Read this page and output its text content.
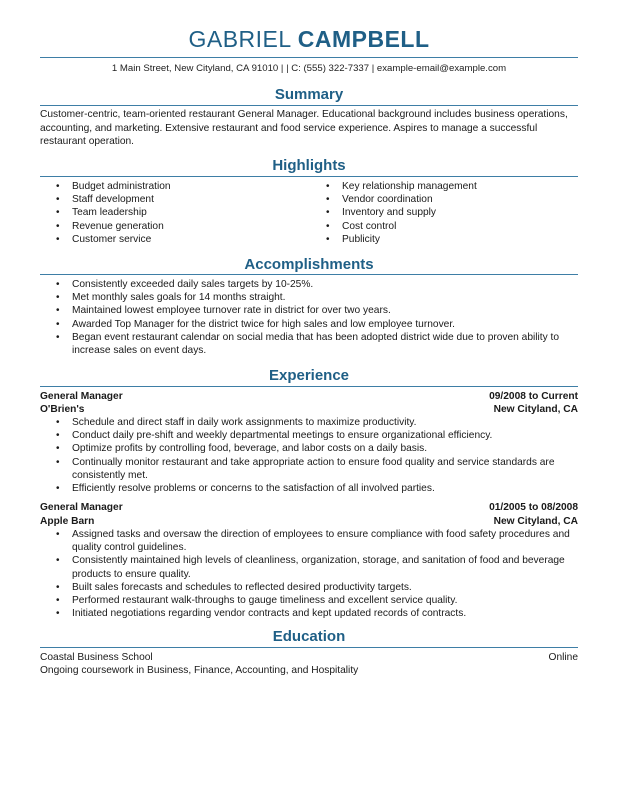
GABRIEL CAMPBELL
1 Main Street, New Cityland, CA 91010 | | C: (555) 322-7337 | example-email@example.com
Summary
Customer-centric, team-oriented restaurant General Manager. Educational background includes business operations, accounting, and marketing. Extensive restaurant and food service experience. Aspires to manage a successful restaurant operation.
Highlights
• Budget administration
• Staff development
• Team leadership
• Revenue generation
• Customer service
• Key relationship management
• Vendor coordination
• Inventory and supply
• Cost control
• Publicity
Accomplishments
• Consistently exceeded daily sales targets by 10-25%.
• Met monthly sales goals for 14 months straight.
• Maintained lowest employee turnover rate in district for over two years.
• Awarded Top Manager for the district twice for high sales and low employee turnover.
• Began event restaurant calendar on social media that has been adopted district wide due to proven ability to increase sales on event days.
Experience
General Manager	09/2008 to Current
O'Brien's	New Cityland, CA
• Schedule and direct staff in daily work assignments to maximize productivity.
• Conduct daily pre-shift and weekly departmental meetings to ensure organizational efficiency.
• Optimize profits by controlling food, beverage, and labor costs on a daily basis.
• Continually monitor restaurant and take appropriate action to ensure food quality and service standards are consistently met.
• Efficiently resolve problems or concerns to the satisfaction of all involved parties.
General Manager	01/2005 to 08/2008
Apple Barn	New Cityland, CA
• Assigned tasks and oversaw the direction of employees to ensure compliance with food safety procedures and quality control guidelines.
• Consistently maintained high levels of cleanliness, organization, storage, and sanitation of food and beverage products to ensure quality.
• Built sales forecasts and schedules to reflected desired productivity targets.
• Performed restaurant walk-throughs to gauge timeliness and excellent service quality.
• Initiated negotiations regarding vendor contracts and kept updated records of contracts.
Education
Coastal Business School	Online
Ongoing coursework in Business, Finance, Accounting, and Hospitality
